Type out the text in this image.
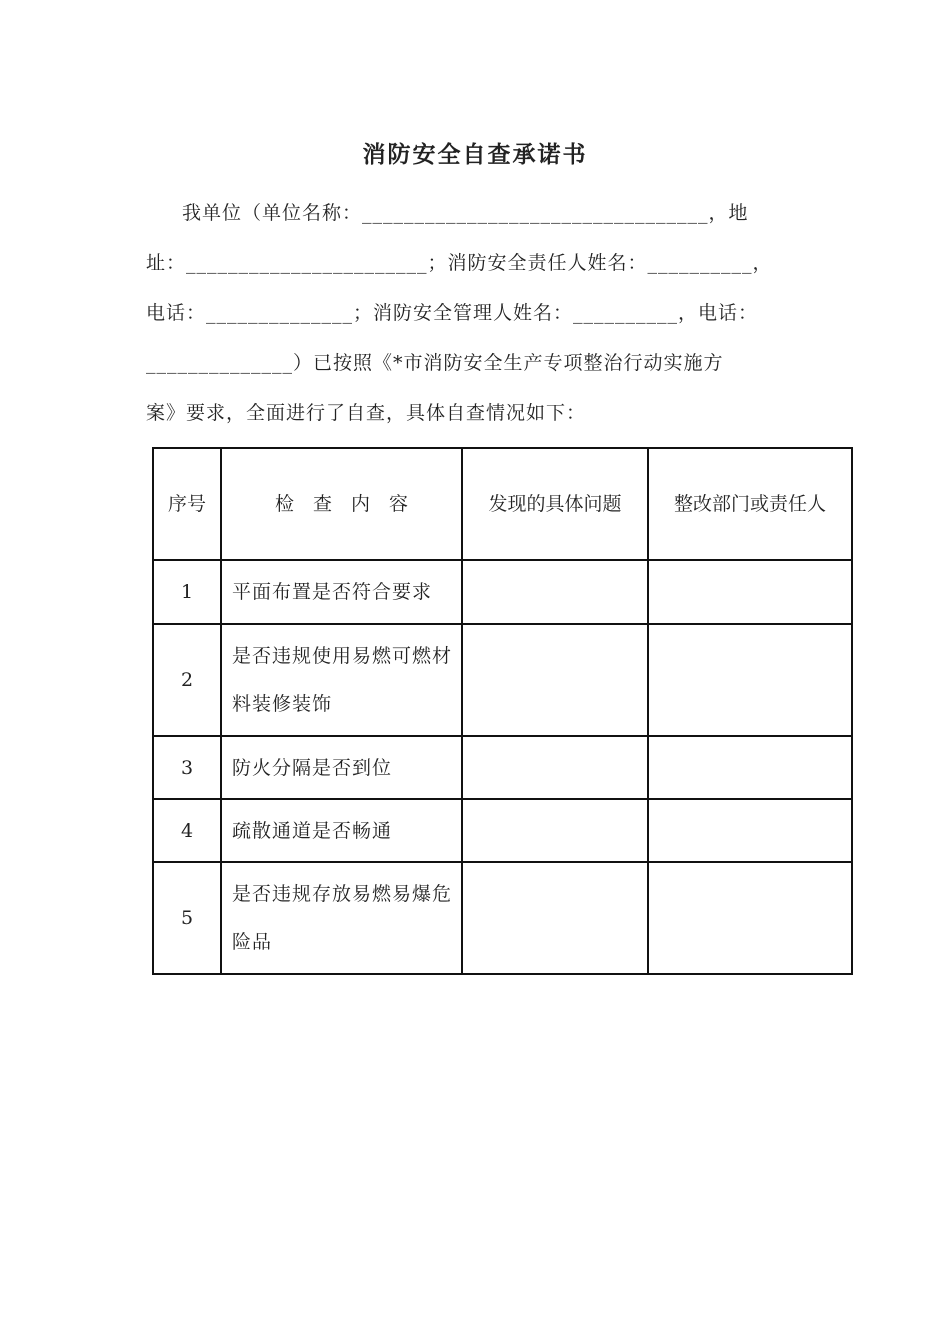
消防安全自查承诺书
我单位（单位名称：_________________________________，地
址：_______________________；消防安全责任人姓名：__________，
电话：______________；消防安全管理人姓名：__________，电话：
______________）已按照《*市消防安全生产专项整治行动实施方
案》要求，全面进行了自查，具体自查情况如下：
序号	检　查　内　容	发现的具体问题	整改部门或责任人
1	平面布置是否符合要求		
2	是否违规使用易燃可燃材料装修装饰		
3	防火分隔是否到位		
4	疏散通道是否畅通		
5	是否违规存放易燃易爆危险品		
